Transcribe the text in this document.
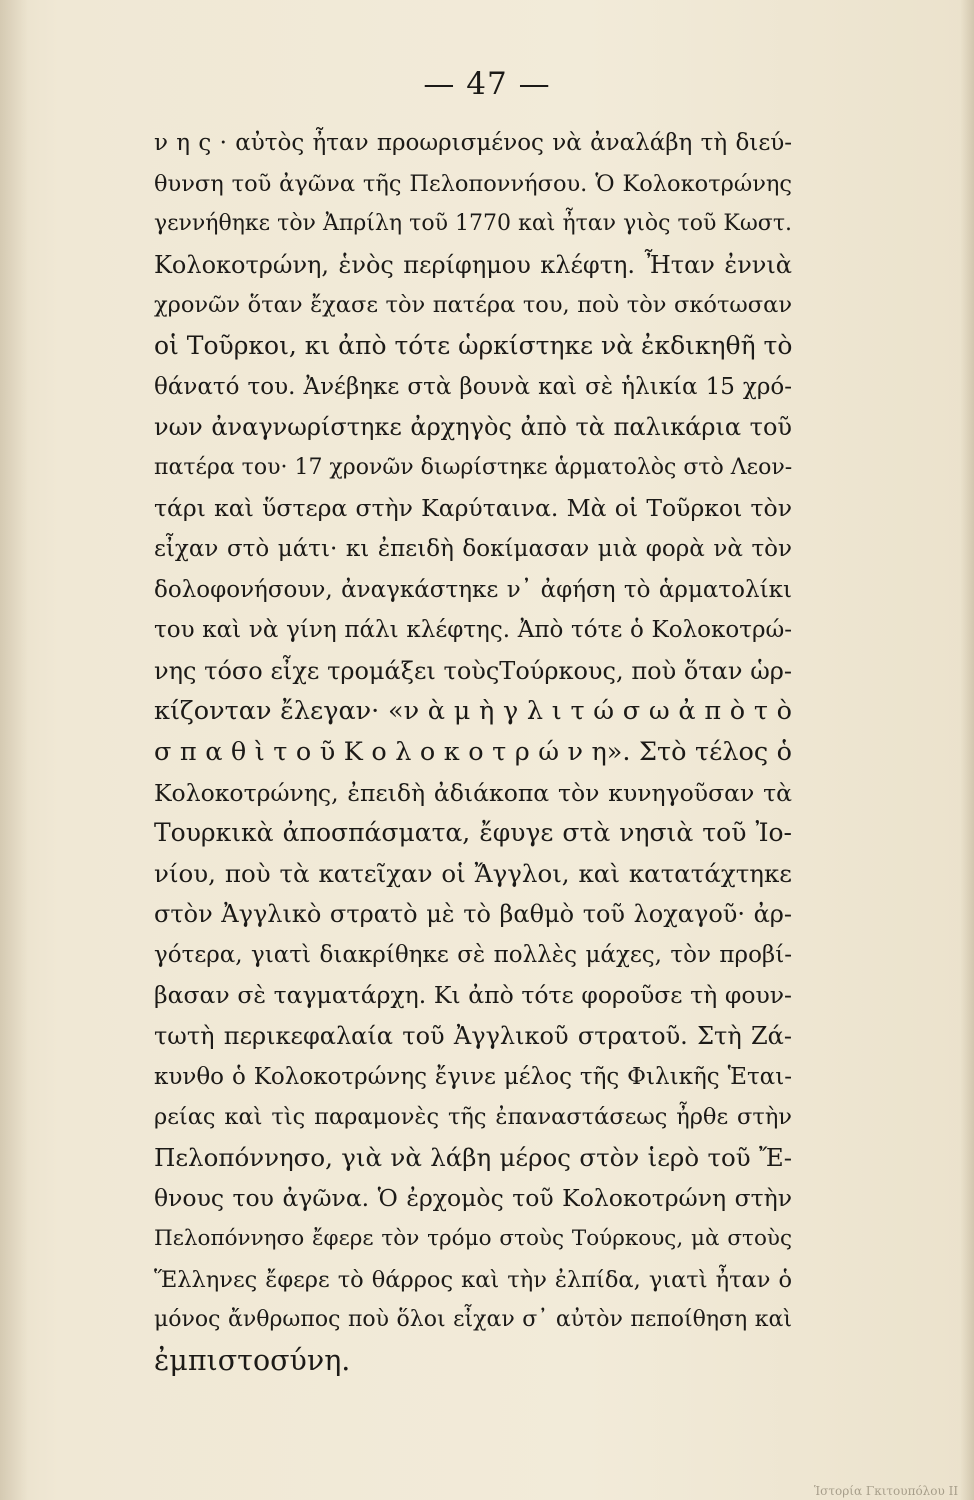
— 47 —
ν η ς · αὐτὸς ἦταν προωρισμένος νὰ ἀναλάβη τὴ διεύ-
θυνση τοῦ ἀγῶνα τῆς Πελοποννήσου. Ὁ Κολοκοτρώνης
γεννήθηκε τὸν Ἀπρίλη τοῦ 1770 καὶ ἦταν γιὸς τοῦ Κωστ.
Κολοκοτρώνη, ἑνὸς περίφημου κλέφτη. Ἦταν ἐννιὰ
χρονῶν ὅταν ἔχασε τὸν πατέρα του, ποὺ τὸν σκότωσαν
οἱ Τοῦρκοι, κι ἀπὸ τότε ὡρκίστηκε νὰ ἐκδικηθῆ τὸ
θάνατό του. Ἀνέβηκε στὰ βουνὰ καὶ σὲ ἡλικία 15 χρό-
νων ἀναγνωρίστηκε ἀρχηγὸς ἀπὸ τὰ παλικάρια τοῦ
πατέρα του· 17 χρονῶν διωρίστηκε ἁρματολὸς στὸ Λεον-
τάρι καὶ ὕστερα στὴν Καρύταινα. Μὰ οἱ Τοῦρκοι τὸν
εἶχαν στὸ μάτι· κι ἐπειδὴ δοκίμασαν μιὰ φορὰ νὰ τὸν
δολοφονήσουν, ἀναγκάστηκε ν᾽ ἀφήση τὸ ἁρματολίκι
του καὶ νὰ γίνη πάλι κλέφτης. Ἀπὸ τότε ὁ Κολοκοτρώ-
νης τόσο εἶχε τρομάξει τοὺςΤούρκους, ποὺ ὅταν ὡρ-
κίζονταν ἔλεγαν· «ν ὰ μ ὴ γ λ ι τ ώ σ ω ἀ π ὸ τ ὸ
σ π α θ ὶ τ ο ῦ Κ ο λ ο κ ο τ ρ ώ ν η». Στὸ τέλος ὁ
Κολοκοτρώνης, ἐπειδὴ ἀδιάκοπα τὸν κυνηγοῦσαν τὰ
Τουρκικὰ ἀποσπάσματα, ἔφυγε στὰ νησιὰ τοῦ Ἰο-
νίου, ποὺ τὰ κατεῖχαν οἱ Ἄγγλοι, καὶ κατατάχτηκε
στὸν Ἀγγλικὸ στρατὸ μὲ τὸ βαθμὸ τοῦ λοχαγοῦ· ἀρ-
γότερα, γιατὶ διακρίθηκε σὲ πολλὲς μάχες, τὸν προβί-
βασαν σὲ ταγματάρχη. Κι ἀπὸ τότε φοροῦσε τὴ φουν-
τωτὴ περικεφαλαία τοῦ Ἀγγλικοῦ στρατοῦ. Στὴ Ζά-
κυνθο ὁ Κολοκοτρώνης ἔγινε μέλος τῆς Φιλικῆς Ἑται-
ρείας καὶ τὶς παραμονὲς τῆς ἐπαναστάσεως ἦρθε στὴν
Πελοπόννησο, γιὰ νὰ λάβη μέρος στὸν ἱερὸ τοῦ Ἔ-
θνους του ἀγῶνα. Ὁ ἐρχομὸς τοῦ Κολοκοτρώνη στὴν
Πελοπόννησο ἔφερε τὸν τρόμο στοὺς Τούρκους, μὰ στοὺς
Ἕλληνες ἔφερε τὸ θάρρος καὶ τὴν ἐλπίδα, γιατὶ ἦταν ὁ
μόνος ἄνθρωπος ποὺ ὅλοι εἶχαν σ᾽ αὐτὸν πεποίθηση καὶ
ἐμπιστοσύνη.
Ἱστορία Γκιτουπόλου ΙΙ
